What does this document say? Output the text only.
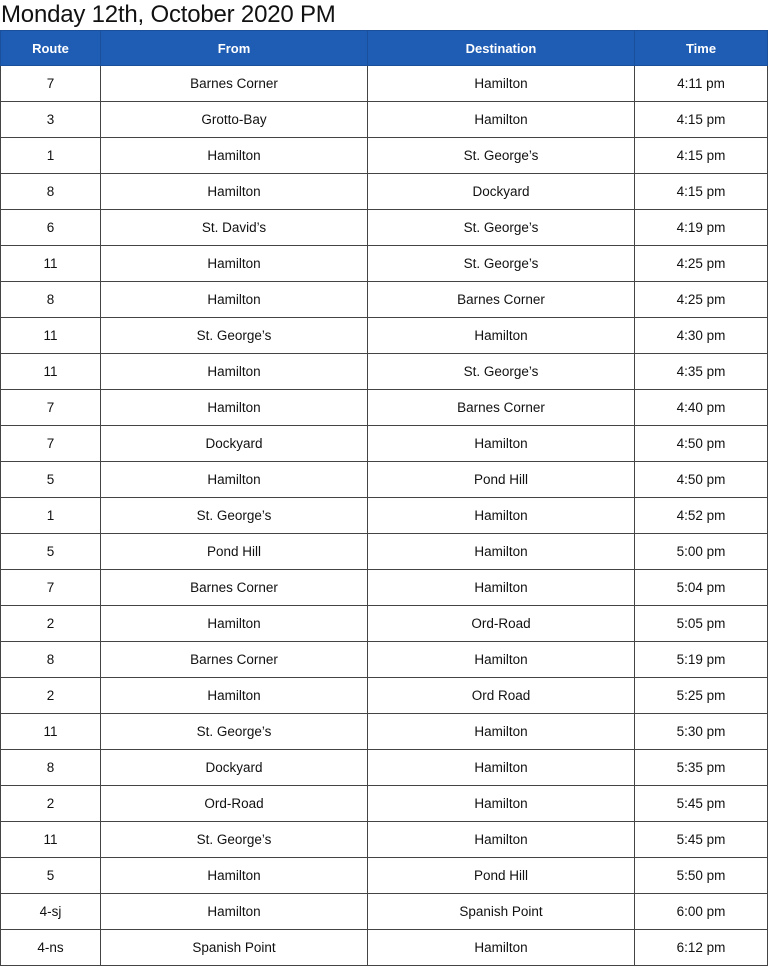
Monday 12th, October 2020 PM
Route	From	Destination	Time
7	Barnes Corner	Hamilton	4:11 pm
3	Grotto-Bay	Hamilton	4:15 pm
1	Hamilton	St. George’s	4:15 pm
8	Hamilton	Dockyard	4:15 pm
6	St. David’s	St. George’s	4:19 pm
11	Hamilton	St. George’s	4:25 pm
8	Hamilton	Barnes Corner	4:25 pm
11	St. George’s	Hamilton	4:30 pm
11	Hamilton	St. George’s	4:35 pm
7	Hamilton	Barnes Corner	4:40 pm
7	Dockyard	Hamilton	4:50 pm
5	Hamilton	Pond Hill	4:50 pm
1	St. George’s	Hamilton	4:52 pm
5	Pond Hill	Hamilton	5:00 pm
7	Barnes Corner	Hamilton	5:04 pm
2	Hamilton	Ord-Road	5:05 pm
8	Barnes Corner	Hamilton	5:19 pm
2	Hamilton	Ord Road	5:25 pm
11	St. George’s	Hamilton	5:30 pm
8	Dockyard	Hamilton	5:35 pm
2	Ord-Road	Hamilton	5:45 pm
11	St. George’s	Hamilton	5:45 pm
5	Hamilton	Pond Hill	5:50 pm
4-sj	Hamilton	Spanish Point	6:00 pm
4-ns	Spanish Point	Hamilton	6:12 pm
